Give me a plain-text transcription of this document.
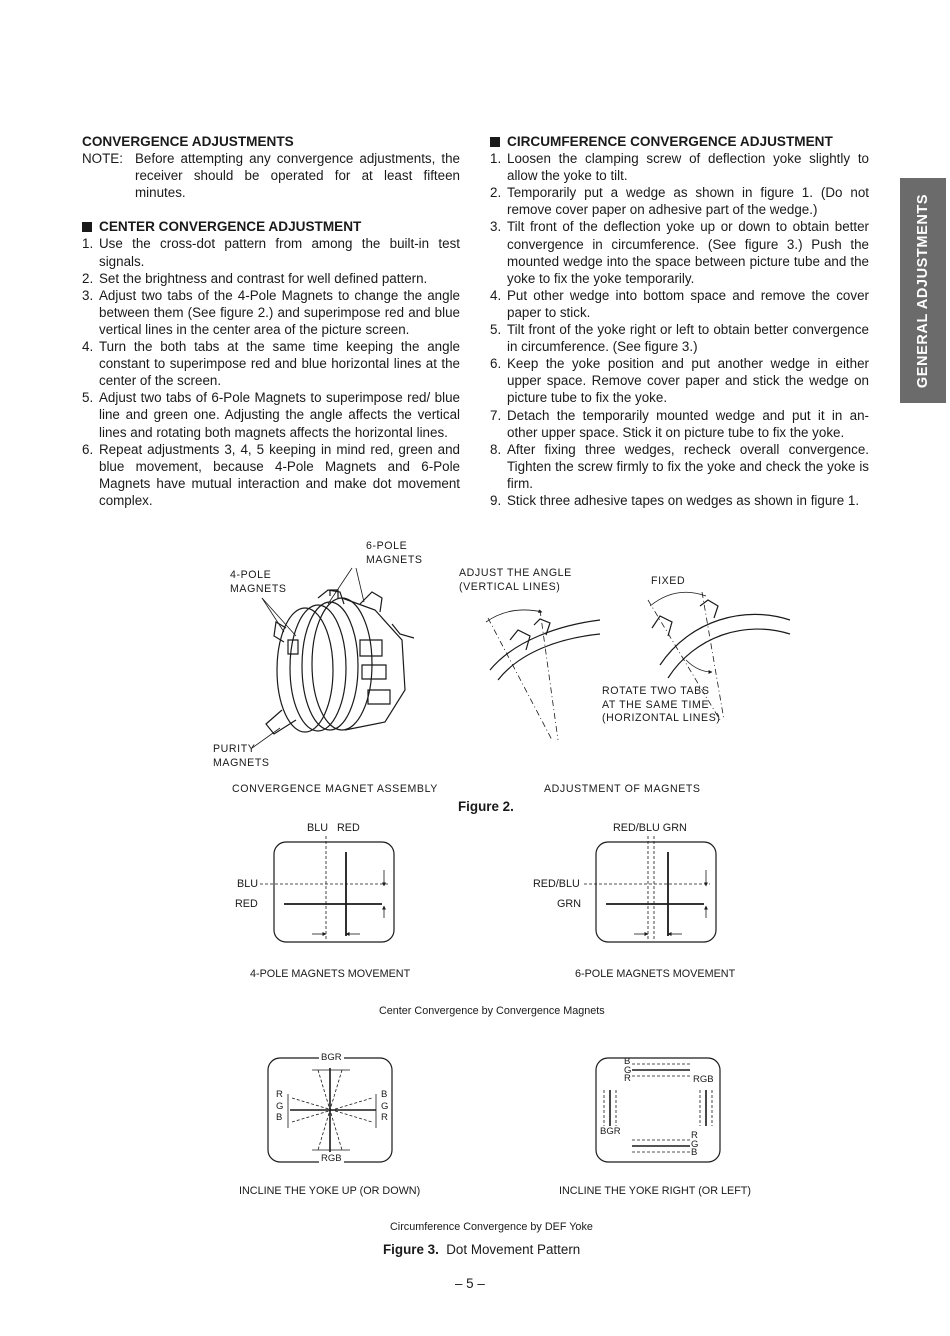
CONVERGENCE ADJUSTMENTS

NOTE: Before attempting any convergence adjustments, the receiver should be operated for at least fifteen minutes.

CENTER CONVERGENCE ADJUSTMENT

1. Use the cross-dot pattern from among the built-in test signals.
2. Set the brightness and contrast for well defined pattern.
3. Adjust two tabs of the 4-Pole Magnets to change the angle between them (See figure 2.) and superimpose red and blue vertical lines in the center area of the picture screen.
4. Turn the both tabs at the same time keeping the angle constant to superimpose red and blue horizontal lines at the center of the screen.
5. Adjust two tabs of 6-Pole Magnets to superimpose red/ blue line and green one. Adjusting the angle affects the vertical lines and rotating both magnets affects the horizontal lines.
6. Repeat adjustments 3, 4, 5 keeping in mind red, green and blue movement, because 4-Pole Magnets and 6-Pole Magnets have mutual interaction and make dot movement complex.

CIRCUMFERENCE CONVERGENCE ADJUSTMENT

1. Loosen the clamping screw of deflection yoke slightly to allow the yoke to tilt.
2. Temporarily put a wedge as shown in figure 1. (Do not remove cover paper on adhesive part of the wedge.)
3. Tilt front of the deflection yoke up or down to obtain better convergence in circumference. (See figure 3.) Push the mounted wedge into the space between picture tube and the yoke to fix the yoke temporarily.
4. Put other wedge into bottom space and remove the cover paper to stick.
5. Tilt front of the yoke right or left to obtain better convergence in circumference. (See figure 3.)
6. Keep the yoke position and put another wedge in either upper space. Remove cover paper and stick the wedge on picture tube to fix the yoke.
7. Detach the temporarily mounted wedge and put it in an- other upper space. Stick it on picture tube to fix the yoke.
8. After fixing three wedges, recheck overall convergence. Tighten the screw firmly to fix the yoke and check the yoke is firm.
9. Stick three adhesive tapes on wedges as shown in figure 1.
GENERAL ADJUSTMENTS
6-POLE
MAGNETS
4-POLE
MAGNETS
PURITY
MAGNETS
ADJUST THE ANGLE
(VERTICAL LINES)	FIXED
ROTATE TWO TABS
AT THE SAME TIME
(HORIZONTAL LINES)
CONVERGENCE MAGNET ASSEMBLY	ADJUSTMENT OF MAGNETS
Figure 2.
BLU   RED
BLU
RED
4-POLE MAGNETS MOVEMENT
RED/BLU GRN
RED/BLU
GRN
6-POLE MAGNETS MOVEMENT
Center Convergence by Convergence Magnets
BGR
RGB
R
G
B
B
G
R
INCLINE THE YOKE UP (OR DOWN)
B
G
R	RGB
BGR	R
G
B
INCLINE THE YOKE RIGHT (OR LEFT)
Circumference Convergence by DEF Yoke
Figure 3. Dot Movement Pattern
– 5 –
